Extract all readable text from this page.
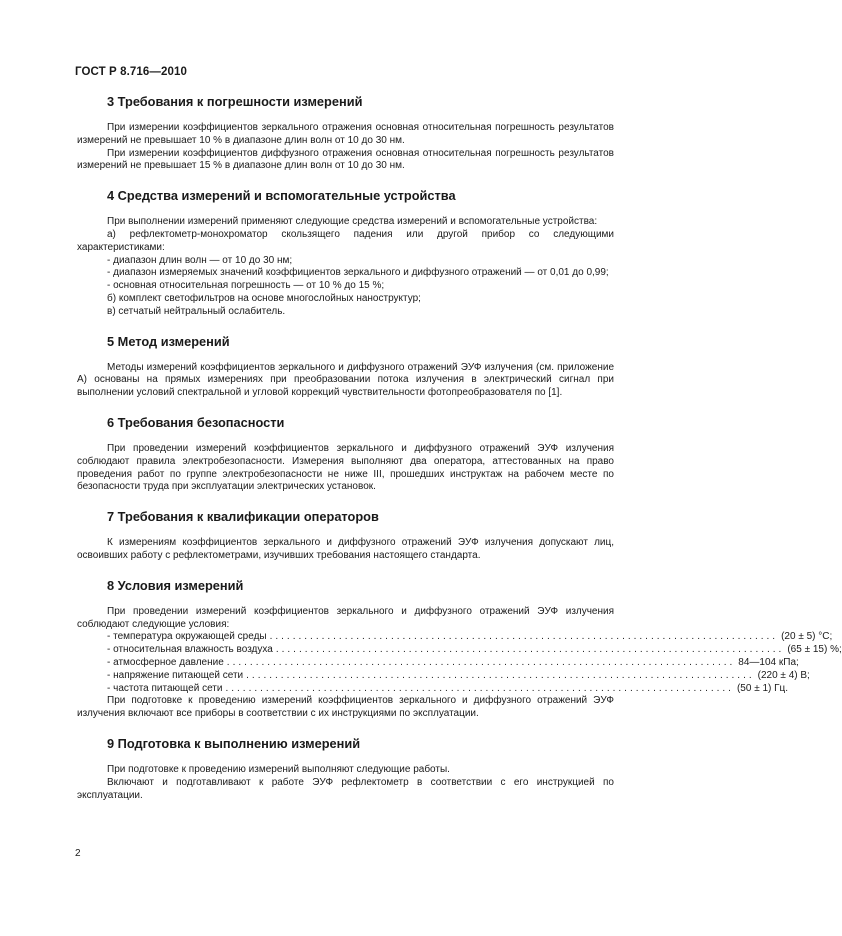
ГОСТ Р 8.716—2010
3 Требования к погрешности измерений

При измерении коэффициентов зеркального отражения основная относительная погрешность результатов измерений не превышает 10 % в диапазоне длин волн от 10 до 30 нм.

При измерении коэффициентов диффузного отражения основная относительная погрешность результатов измерений не превышает 15 % в диапазоне длин волн от 10 до 30 нм.

4 Средства измерений и вспомогательные устройства

При выполнении измерений применяют следующие средства измерений и вспомогательные устройства:

а) рефлектометр-монохроматор скользящего падения или другой прибор со следующими характеристиками:

- диапазон длин волн — от 10 до 30 нм;

- диапазон измеряемых значений коэффициентов зеркального и диффузного отражений — от 0,01 до 0,99;

- основная относительная погрешность — от 10 % до 15 %;

б) комплект светофильтров на основе многослойных наноструктур;

в) сетчатый нейтральный ослабитель.

5 Метод измерений

Методы измерений коэффициентов зеркального и диффузного отражений ЭУФ излучения (см. приложение А) основаны на прямых измерениях при преобразовании потока излучения в электрический сигнал при выполнении условий спектральной и угловой коррекций чувствительности фотопреобразователя по [1].

6 Требования безопасности

При проведении измерений коэффициентов зеркального и диффузного отражений ЭУФ излучения соблюдают правила электробезопасности. Измерения выполняют два оператора, аттестованных на право проведения работ по группе электробезопасности не ниже III, прошедших инструктаж на рабочем месте по безопасности труда при эксплуатации электрических установок.

7 Требования к квалификации операторов

К измерениям коэффициентов зеркального и диффузного отражений ЭУФ излучения допускают лиц, освоивших работу с рефлектометрами, изучивших требования настоящего стандарта.

8 Условия измерений

При проведении измерений коэффициентов зеркального и диффузного отражений ЭУФ излучения соблюдают следующие условия:

- температура окружающей среды ........................................................................................ (20 ± 5) °С;
- относительная влажность воздуха ........................................................................................ (65 ± 15) %;
- атмосферное давление ........................................................................................ 84—104 кПа;
- напряжение питающей сети ........................................................................................ (220 ± 4) В;
- частота питающей сети ........................................................................................ (50 ± 1) Гц.

При подготовке к проведению измерений коэффициентов зеркального и диффузного отражений ЭУФ излучения включают все приборы в соответствии с их инструкциями по эксплуатации.

9 Подготовка к выполнению измерений

При подготовке к проведению измерений выполняют следующие работы.

Включают и подготавливают к работе ЭУФ рефлектометр в соответствии с его инструкцией по эксплуатации.

2
